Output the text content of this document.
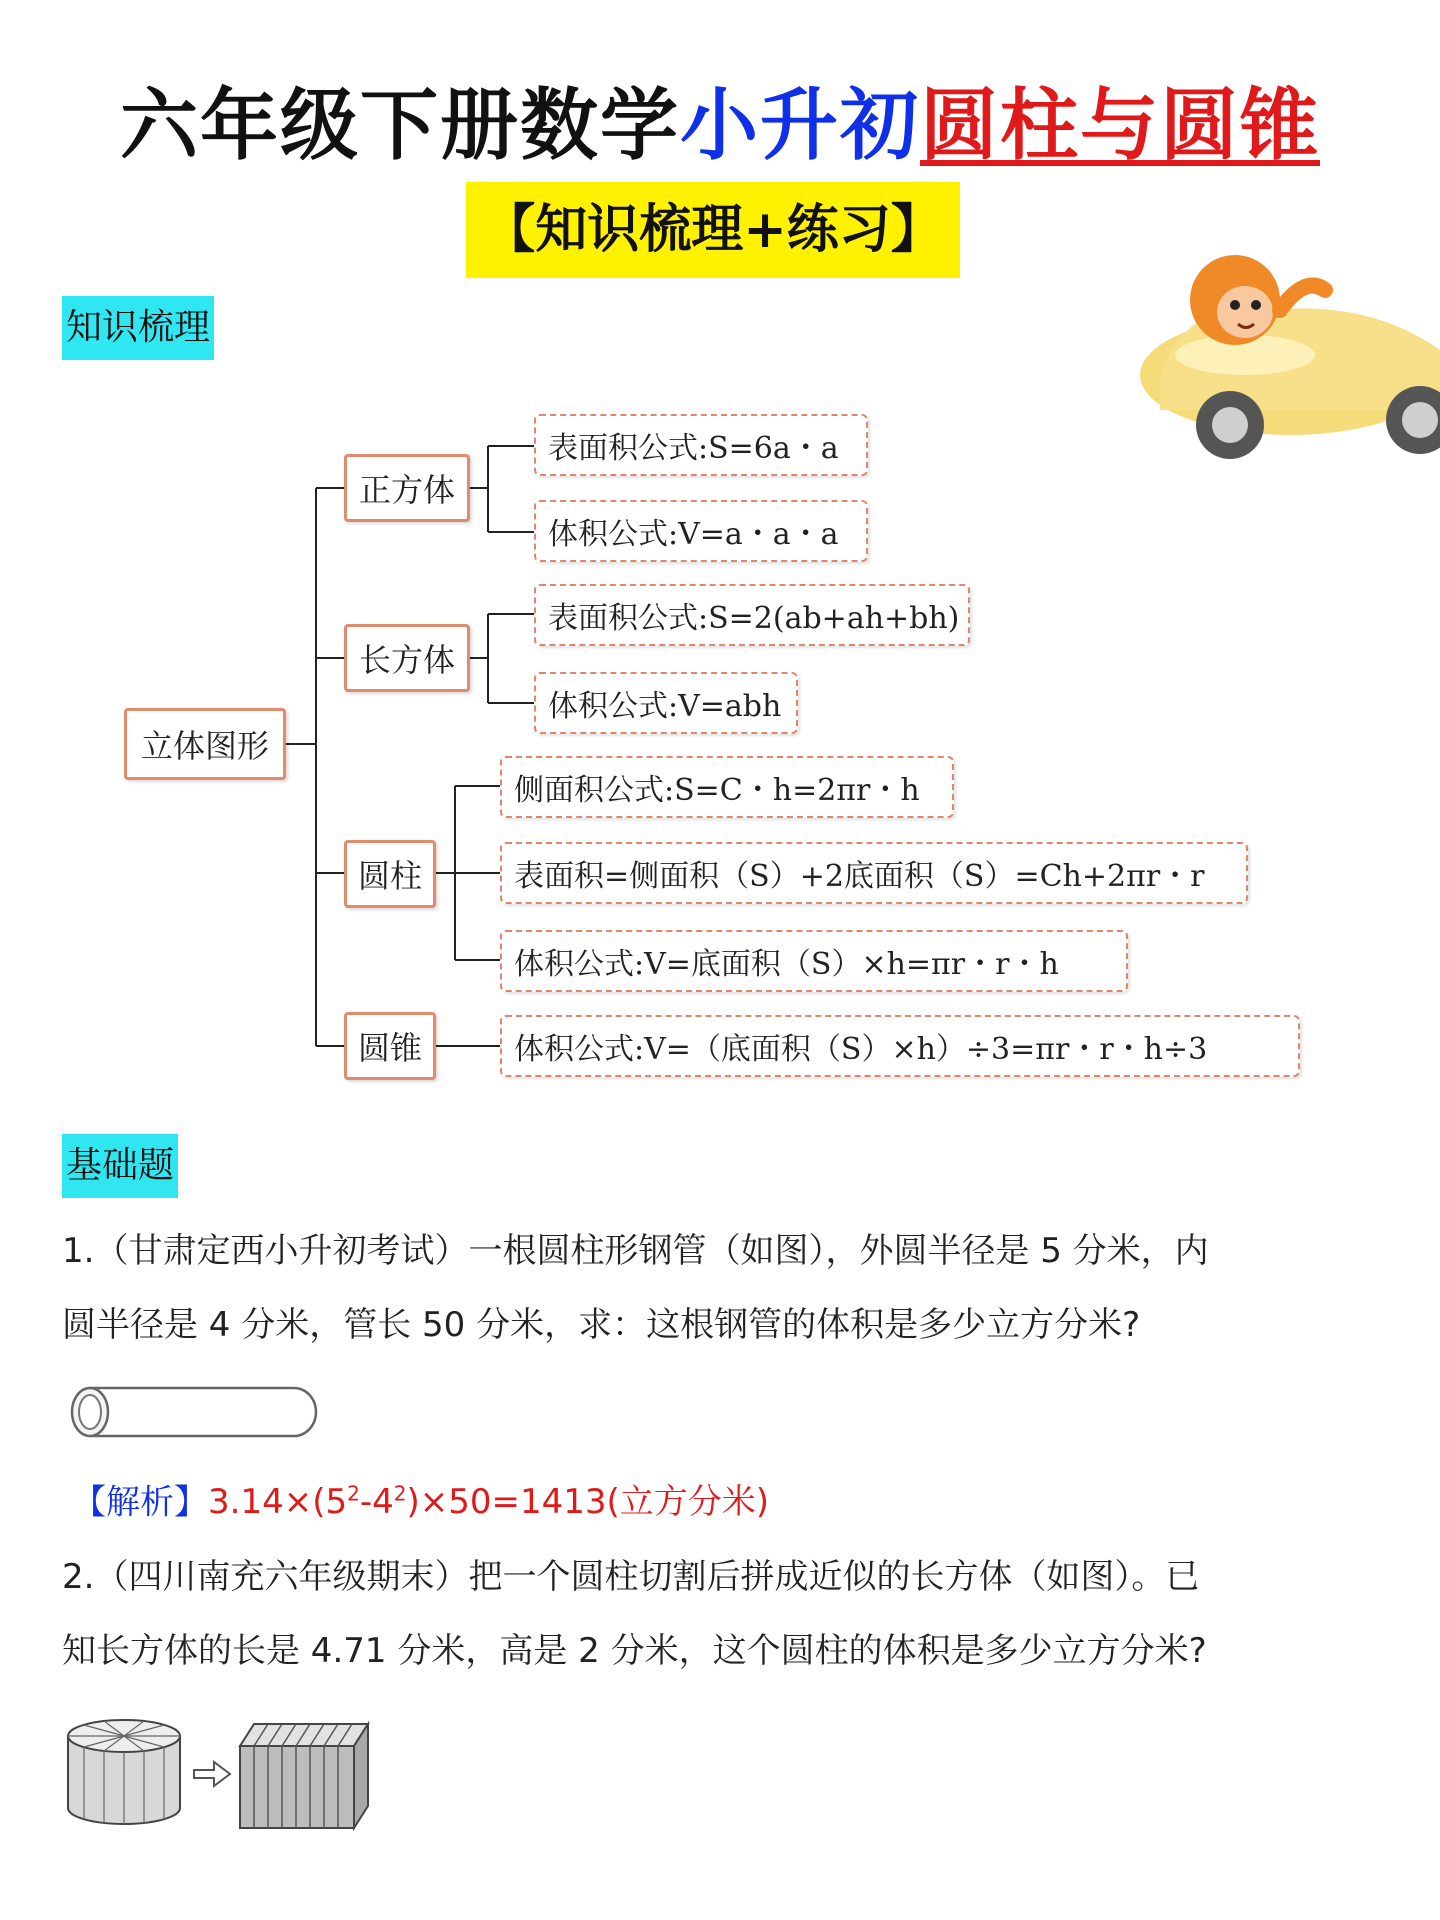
六年级下册数学小升初圆柱与圆锥
【知识梳理+练习】
知识梳理
立体图形
正方体
长方体
圆柱
圆锥
表面积公式:S=6a・a
体积公式:V=a・a・a
表面积公式:S=2(ab+ah+bh)
体积公式:V=abh
侧面积公式:S=C・h=2πr・h
表面积=侧面积（S）+2底面积（S）=Ch+2πr・r
体积公式:V=底面积（S）×h=πr・r・h
体积公式:V=（底面积（S）×h）÷3=πr・r・h÷3
基础题
1.（甘肃定西小升初考试）一根圆柱形钢管（如图），外圆半径是 5 分米，内
圆半径是 4 分米，管长 50 分米，求：这根钢管的体积是多少立方分米?
【解析】$3.14\times(5^2-4^2)\times 50=1413$(立方分米)
2.（四川南充六年级期末）把一个圆柱切割后拼成近似的长方体（如图）。已
知长方体的长是 4.71 分米，高是 2 分米，这个圆柱的体积是多少立方分米?
